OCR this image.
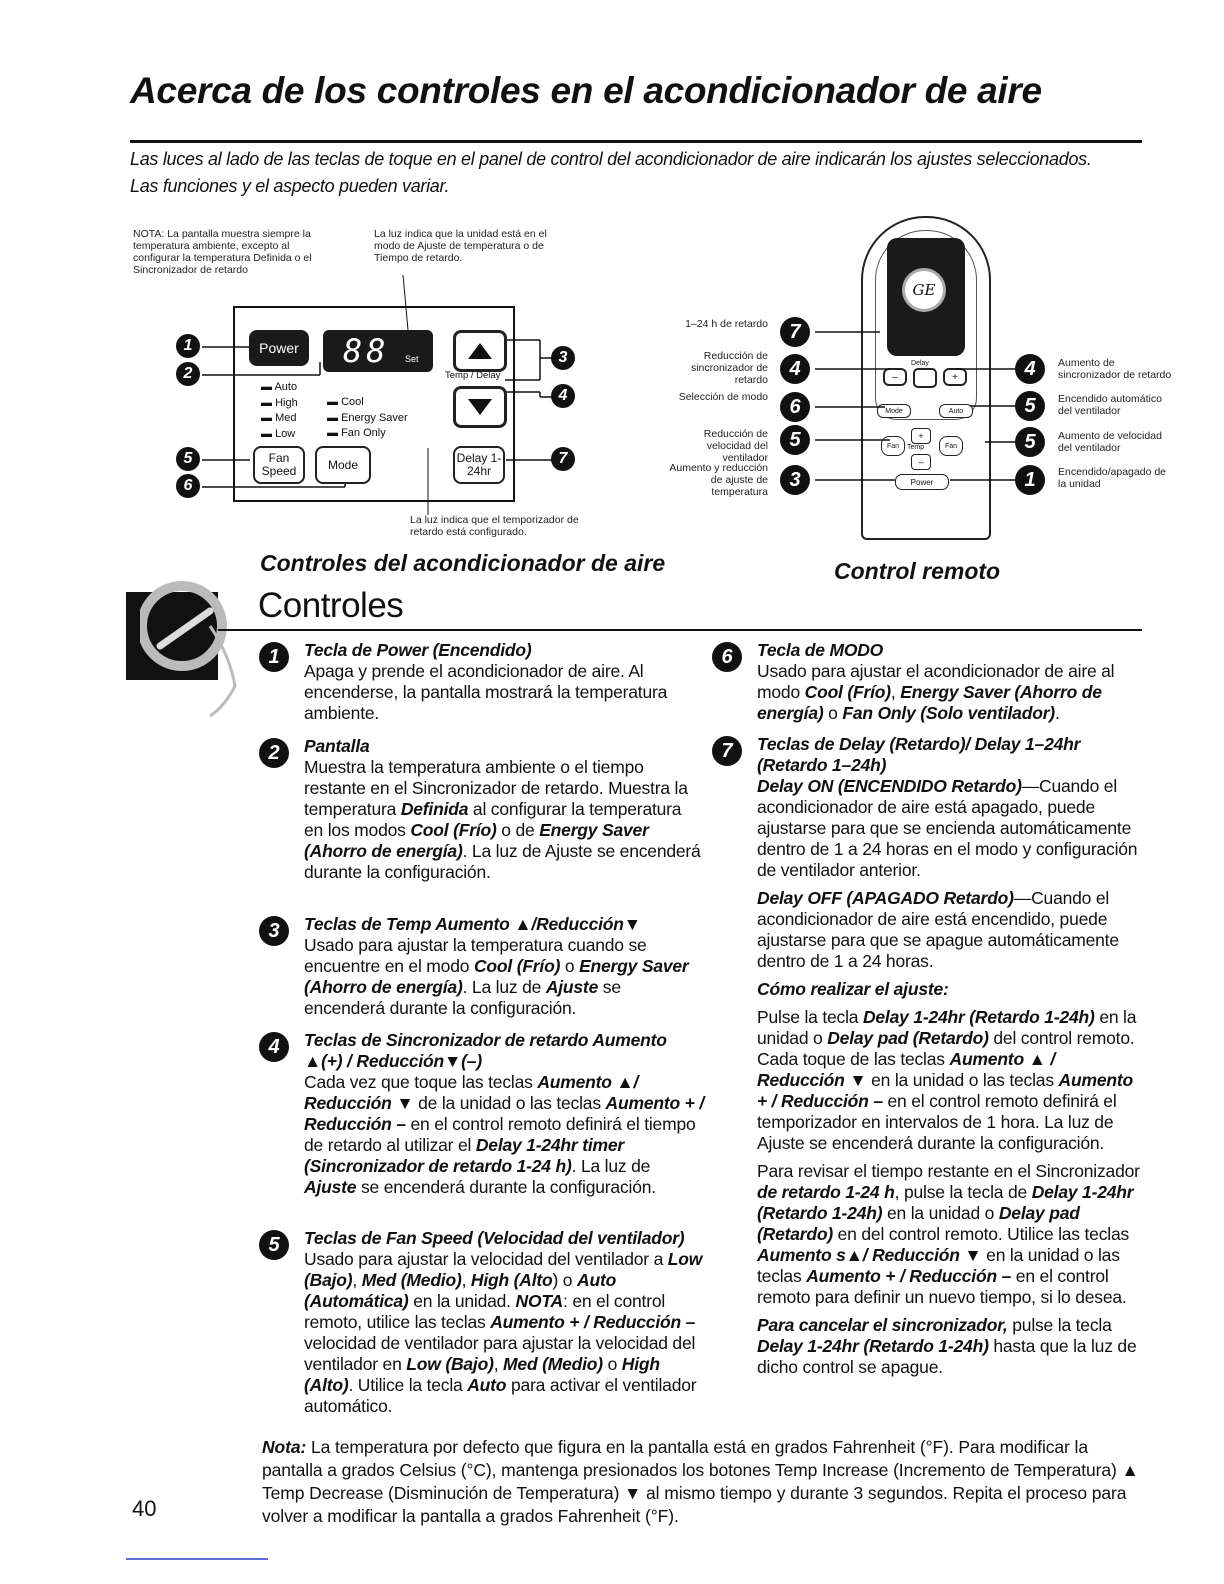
Acerca de los controles en el acondicionador de aire
Las luces al lado de las teclas de toque en el panel de control del acondicionador de aire indicarán los ajustes seleccionados.
Las funciones y el aspecto pueden variar.
NOTA: La pantalla muestra siempre la temperatura ambiente, excepto al configurar la temperatura Definida o el Sincronizador de retardo
La luz indica que la unidad está en el modo de Ajuste de temperatura o de Tiempo de retardo.
La luz indica que el temporizador de retardo está configurado.
1
2
3
4
5
6
7
Power	88 Set
Temp / Delay
▬ Auto
▬ High
▬ Med
▬ Low
▬ Cool
▬ Energy Saver
▬ Fan Only
Fan Speed	Mode	Delay 1-24hr
Controles del acondicionador de aire
GE
Delay
–	+
Mode	Auto
Fan
+
Temp
–
Fan
Power
1–24 h de retardo
Reducción de sincronizador de retardo
Selección de modo
Reducción de velocidad del ventilador
Aumento y reducción de ajuste de temperatura
7
4
6
5
3
4
5
5
1
Aumento de sincronizador de retardo
Encendido automático del ventilador
Aumento de velocidad del ventilador
Encendido/apagado de la unidad
Control remoto
Controles
1	Tecla de Power (Encendido)

Apaga y prende el acondicionador de aire. Al encenderse, la pantalla mostrará la temperatura ambiente.

2	Pantalla

Muestra la temperatura ambiente o el tiempo restante en el Sincronizador de retardo. Muestra la temperatura Definida al configurar la temperatura en los modos Cool (Frío) o de Energy Saver (Ahorro de energía). La luz de Ajuste se encenderá durante la configuración.

3	Teclas de Temp Aumento ▲/Reducción▼

Usado para ajustar la temperatura cuando se encuentre en el modo Cool (Frío) o Energy Saver (Ahorro de energía). La luz de Ajuste se encenderá durante la configuración.

4	Teclas de Sincronizador de retardo Aumento ▲(+) / Reducción▼(–)

Cada vez que toque las teclas Aumento ▲/ Reducción ▼ de la unidad o las teclas Aumento + / Reducción – en el control remoto definirá el tiempo de retardo al utilizar el Delay 1-24hr timer (Sincronizador de retardo 1-24 h). La luz de Ajuste se encenderá durante la configuración.

5	Teclas de Fan Speed (Velocidad del ventilador)

Usado para ajustar la velocidad del ventilador a Low (Bajo), Med (Medio), High (Alto) o Auto (Automática) en la unidad. NOTA: en el control remoto, utilice las teclas Aumento + / Reducción – velocidad de ventilador para ajustar la velocidad del ventilador en Low (Bajo), Med (Medio) o High (Alto). Utilice la tecla Auto para activar el ventilador automático.

6	Tecla de MODO

Usado para ajustar el acondicionador de aire al modo Cool (Frío), Energy Saver (Ahorro de energía) o Fan Only (Solo ventilador).

7	Teclas de Delay (Retardo)/ Delay 1–24hr (Retardo 1–24h)

Delay ON (ENCENDIDO Retardo)—Cuando el acondicionador de aire está apagado, puede ajustarse para que se encienda automáticamente dentro de 1 a 24 horas en el modo y configuración de ventilador anterior.

Delay OFF (APAGADO Retardo)—Cuando el acondicionador de aire está encendido, puede ajustarse para que se apague automáticamente dentro de 1 a 24 horas.

Cómo realizar el ajuste:

Pulse la tecla Delay 1-24hr (Retardo 1-24h) en la unidad o Delay pad (Retardo) del control remoto. Cada toque de las teclas Aumento ▲ / Reducción ▼ en la unidad o las teclas Aumento + / Reducción – en el control remoto definirá el temporizador en intervalos de 1 hora. La luz de Ajuste se encenderá durante la configuración.

Para revisar el tiempo restante en el Sincronizador de retardo 1-24 h, pulse la tecla de Delay 1-24hr (Retardo 1-24h) en la unidad o Delay pad (Retardo) en del control remoto. Utilice las teclas Aumento s▲/ Reducción ▼ en la unidad o las teclas Aumento + / Reducción – en el control remoto para definir un nuevo tiempo, si lo desea.

Para cancelar el sincronizador, pulse la tecla Delay 1-24hr (Retardo 1-24h) hasta que la luz de dicho control se apague.

Nota: La temperatura por defecto que figura en la pantalla está en grados Fahrenheit (°F). Para modificar la pantalla a grados Celsius (°C), mantenga presionados los botones Temp Increase (Incremento de Temperatura) ▲ Temp Decrease (Disminución de Temperatura) ▼ al mismo tiempo y durante 3 segundos. Repita el proceso para volver a modificar la pantalla a grados Fahrenheit (°F).
40
